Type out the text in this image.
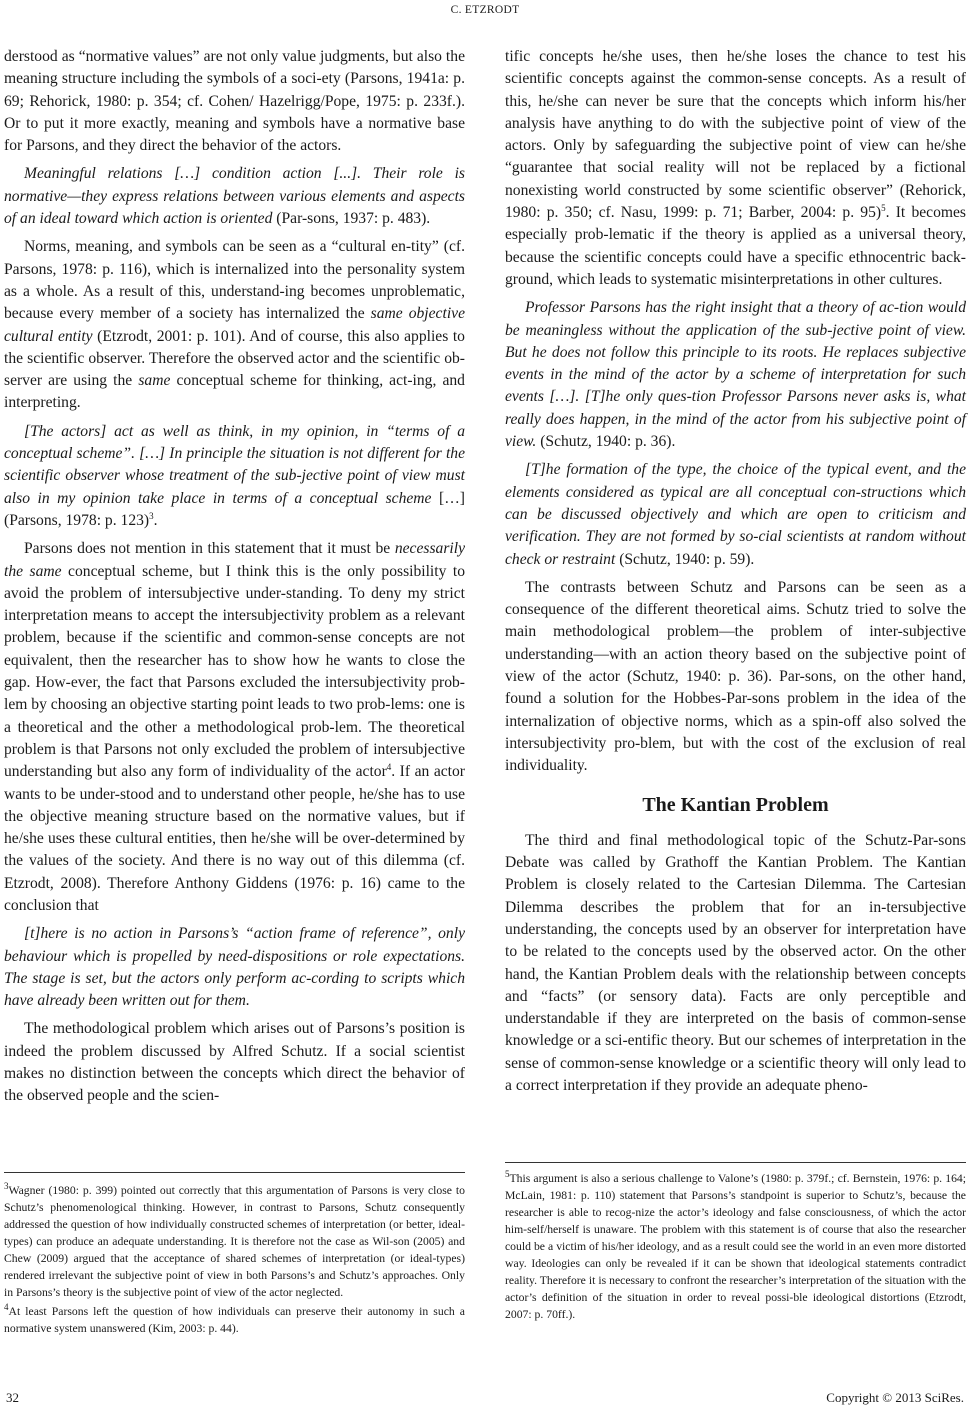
C. ETZRODT

derstood as “normative values” are not only value judgments, but also the meaning structure including the symbols of a soci-ety (Parsons, 1941a: p. 69; Rehorick, 1980: p. 354; cf. Cohen/ Hazelrigg/Pope, 1975: p. 233f.). Or to put it more exactly, meaning and symbols have a normative base for Parsons, and they direct the behavior of the actors.

Meaningful relations […] condition action [...]. Their role is normative—they express relations between various elements and aspects of an ideal toward which action is oriented (Par-sons, 1937: p. 483).

Norms, meaning, and symbols can be seen as a “cultural en-tity” (cf. Parsons, 1978: p. 116), which is internalized into the personality system as a whole. As a result of this, understand-ing becomes unproblematic, because every member of a society has internalized the same objective cultural entity (Etzrodt, 2001: p. 101). And of course, this also applies to the scientific observer. Therefore the observed actor and the scientific ob-server are using the same conceptual scheme for thinking, act-ing, and interpreting.

[The actors] act as well as think, in my opinion, in “terms of a conceptual scheme”. […] In principle the situation is not different for the scientific observer whose treatment of the sub-jective point of view must also in my opinion take place in terms of a conceptual scheme […] (Parsons, 1978: p. 123)$^3$.

Parsons does not mention in this statement that it must be necessarily the same conceptual scheme, but I think this is the only possibility to avoid the problem of intersubjective under-standing. To deny my strict interpretation means to accept the intersubjectivity problem as a relevant problem, because if the scientific and common-sense concepts are not equivalent, then the researcher has to show how he wants to close the gap. How-ever, the fact that Parsons excluded the intersubjectivity prob-lem by choosing an objective starting point leads to two prob-lems: one is a theoretical and the other a methodological prob-lem. The theoretical problem is that Parsons not only excluded the problem of intersubjective understanding but also any form of individuality of the actor$^4$. If an actor wants to be under-stood and to understand other people, he/she has to use the objective meaning structure based on the normative values, but if he/she uses these cultural entities, then he/she will be over-determined by the values of the society. And there is no way out of this dilemma (cf. Etzrodt, 2008). Therefore Anthony Giddens (1976: p. 16) came to the conclusion that

[t]here is no action in Parsons’s “action frame of reference”, only behaviour which is propelled by need-dispositions or role expectations. The stage is set, but the actors only perform ac-cording to scripts which have already been written out for them.

The methodological problem which arises out of Parsons’s position is indeed the problem discussed by Alfred Schutz. If a social scientist makes no distinction between the concepts which direct the behavior of the observed people and the scien-

tific concepts he/she uses, then he/she loses the chance to test his scientific concepts against the common-sense concepts. As a result of this, he/she can never be sure that the concepts which inform his/her analysis have anything to do with the subjective point of view of the actors. Only by safeguarding the subjective point of view can he/she “guarantee that social reality will not be replaced by a fictional nonexisting world constructed by some scientific observer” (Rehorick, 1980: p. 350; cf. Nasu, 1999: p. 71; Barber, 2004: p. 95)$^5$. It becomes especially prob-lematic if the theory is applied as a universal theory, because the scientific concepts could have a specific ethnocentric back-ground, which leads to systematic misinterpretations in other cultures.

Professor Parsons has the right insight that a theory of ac-tion would be meaningless without the application of the sub-jective point of view. But he does not follow this principle to its roots. He replaces subjective events in the mind of the actor by a scheme of interpretation for such events […]. [T]he only ques-tion Professor Parsons never asks is, what really does happen, in the mind of the actor from his subjective point of view. (Schutz, 1940: p. 36).

[T]he formation of the type, the choice of the typical event, and the elements considered as typical are all conceptual con-structions which can be discussed objectively and which are open to criticism and verification. They are not formed by so-cial scientists at random without check or restraint (Schutz, 1940: p. 59).

The contrasts between Schutz and Parsons can be seen as a consequence of the different theoretical aims. Schutz tried to solve the main methodological problem—the problem of inter-subjective understanding—with an action theory based on the subjective point of view of the actor (Schutz, 1940: p. 36). Par-sons, on the other hand, found a solution for the Hobbes-Par-sons problem in the idea of the internalization of objective norms, which as a spin-off also solved the intersubjectivity pro-blem, but with the cost of the exclusion of real individuality.

The Kantian Problem

The third and final methodological topic of the Schutz-Par-sons Debate was called by Grathoff the Kantian Problem. The Kantian Problem is closely related to the Cartesian Dilemma. The Cartesian Dilemma describes the problem that for an in-tersubjective understanding, the concepts used by an observer for interpretation have to be related to the concepts used by the observed actor. On the other hand, the Kantian Problem deals with the relationship between concepts and “facts” (or sensory data). Facts are only perceptible and understandable if they are interpreted on the basis of common-sense knowledge or a sci-entific theory. But our schemes of interpretation in the sense of common-sense knowledge or a scientific theory will only lead to a correct interpretation if they provide an adequate pheno-

$^3$Wagner (1980: p. 399) pointed out correctly that this argumentation of Parsons is very close to Schutz’s phenomenological thinking. However, in contrast to Parsons, Schutz consequently addressed the question of how individually constructed schemes of interpretation (or better, ideal-types) can produce an adequate understanding. It is therefore not the case as Wil-son (2005) and Chew (2009) argued that the acceptance of shared schemes of interpretation (or ideal-types) rendered irrelevant the subjective point of view in both Parsons’s and Schutz’s approaches. Only in Parsons’s theory is the subjective point of view of the actor neglected.

$^4$At least Parsons left the question of how individuals can preserve their autonomy in such a normative system unanswered (Kim, 2003: p. 44).

$^5$This argument is also a serious challenge to Valone’s (1980: p. 379f.; cf. Bernstein, 1976: p. 164; McLain, 1981: p. 110) statement that Parsons’s standpoint is superior to Schutz’s, because the researcher is able to recog-nize the actor’s ideology and false consciousness, of which the actor him-self/herself is unaware. The problem with this statement is of course that also the researcher could be a victim of his/her ideology, and as a result could see the world in an even more distorted way. Ideologies can only be revealed if it can be shown that ideological statements contradict reality. Therefore it is necessary to confront the researcher’s interpretation of the situation with the actor’s definition of the situation in order to reveal possi-ble ideological distortions (Etzrodt, 2007: p. 70ff.).

32	Copyright © 2013 SciRes.
